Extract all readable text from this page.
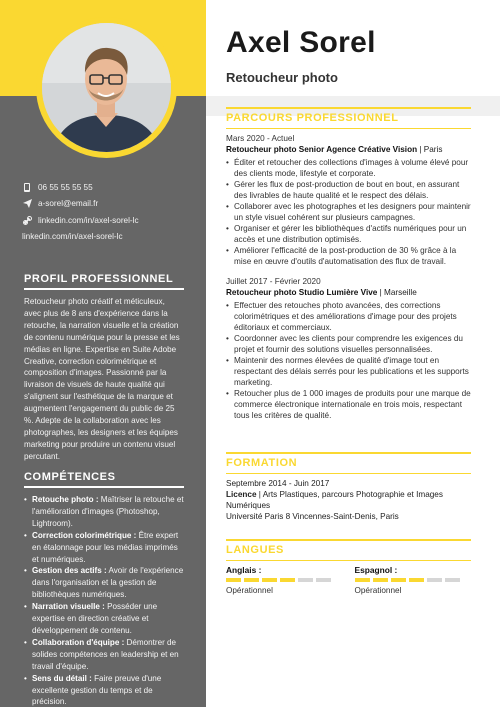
06 55 55 55 55
a-sorel@email.fr
linkedin.com/in/axel-sorel-lc
linkedin.com/in/axel-sorel-lc
PROFIL PROFESSIONNEL
Retoucheur photo créatif et méticuleux, avec plus de 8 ans d'expérience dans la retouche, la narration visuelle et la création de contenu numérique pour la presse et les médias en ligne. Expertise en Suite Adobe Creative, correction colorimétrique et composition d'images. Passionné par la livraison de visuels de haute qualité qui s'alignent sur l'esthétique de la marque et augmentent l'engagement du public de 25 %. Adepte de la collaboration avec les photographes, les designers et les équipes marketing pour produire un contenu visuel percutant.
COMPÉTENCES
• Retouche photo : Maîtriser la retouche et l'amélioration d'images (Photoshop, Lightroom).
• Correction colorimétrique : Être expert en étalonnage pour les médias imprimés et numériques.
• Gestion des actifs : Avoir de l'expérience dans l'organisation et la gestion de bibliothèques numériques.
• Narration visuelle : Posséder une expertise en direction créative et développement de contenu.
• Collaboration d'équipe : Démontrer de solides compétences en leadership et en travail d'équipe.
• Sens du détail : Faire preuve d'une excellente gestion du temps et de précision.
Axel Sorel
Retoucheur photo
PARCOURS PROFESSIONNEL
Mars 2020 - Actuel
Retoucheur photo Senior Agence Créative Vision | Paris
• Éditer et retoucher des collections d'images à volume élevé pour des clients mode, lifestyle et corporate.
• Gérer les flux de post-production de bout en bout, en assurant des livrables de haute qualité et le respect des délais.
• Collaborer avec les photographes et les designers pour maintenir un style visuel cohérent sur plusieurs campagnes.
• Organiser et gérer les bibliothèques d'actifs numériques pour un accès et une distribution optimisés.
• Améliorer l'efficacité de la post-production de 30 % grâce à la mise en œuvre d'outils d'automatisation des flux de travail.
Juillet 2017 - Février 2020
Retoucheur photo Studio Lumière Vive | Marseille
• Effectuer des retouches photo avancées, des corrections colorimétriques et des améliorations d'image pour des projets éditoriaux et commerciaux.
• Coordonner avec les clients pour comprendre les exigences du projet et fournir des solutions visuelles personnalisées.
• Maintenir des normes élevées de qualité d'image tout en respectant des délais serrés pour les publications et les supports marketing.
• Retoucher plus de 1 000 images de produits pour une marque de commerce électronique internationale en trois mois, respectant tous les critères de qualité.
FORMATION
Septembre 2014 - Juin 2017
Licence | Arts Plastiques, parcours Photographie et Images Numériques
Université Paris 8 Vincennes-Saint-Denis, Paris
LANGUES
Anglais :
Opérationnel
Espagnol :
Opérationnel
